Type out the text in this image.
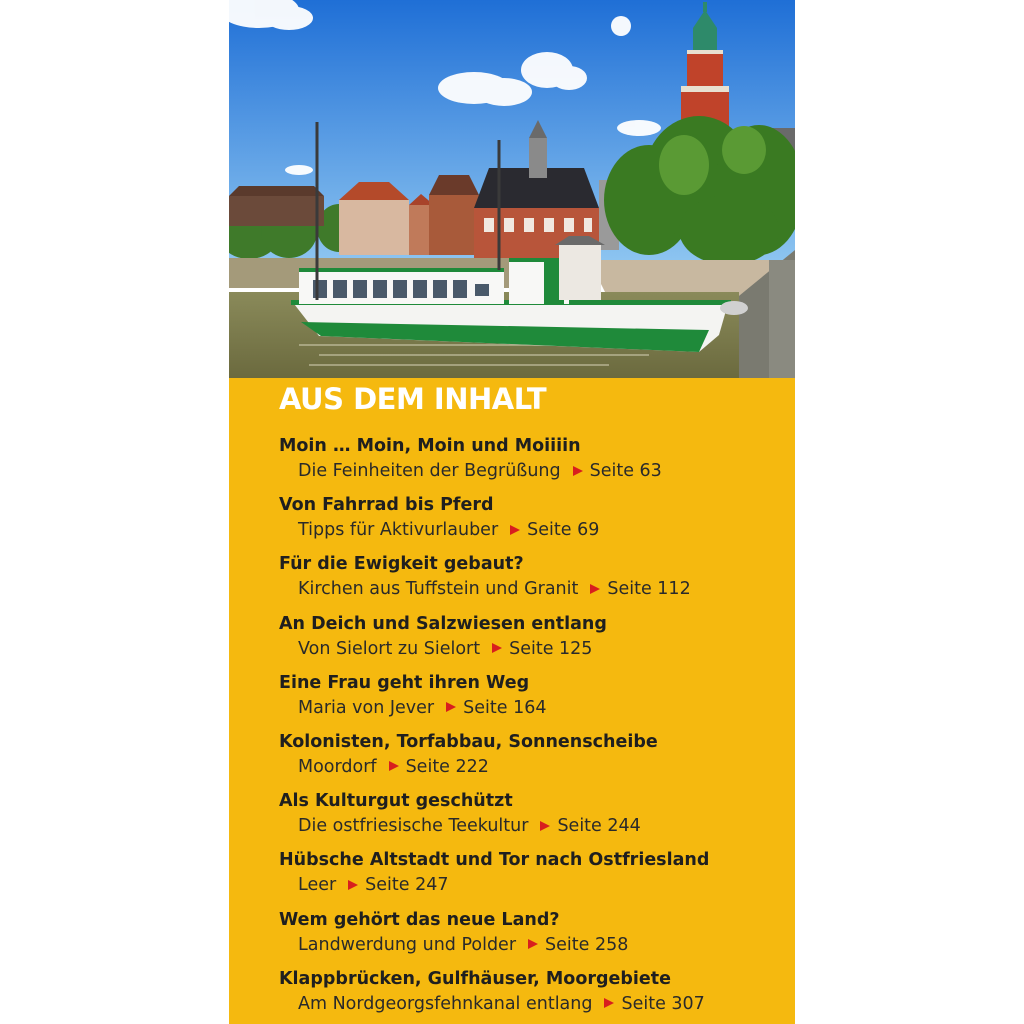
AUS DEM INHALT
Moin … Moin, Moin und Moiiiin
Die Feinheiten der Begrüßung Seite 63
Von Fahrrad bis Pferd
Tipps für Aktivurlauber Seite 69
Für die Ewigkeit gebaut?
Kirchen aus Tuffstein und Granit Seite 112
An Deich und Salzwiesen entlang
Von Sielort zu Sielort Seite 125
Eine Frau geht ihren Weg
Maria von Jever Seite 164
Kolonisten, Torfabbau, Sonnenscheibe
Moordorf Seite 222
Als Kulturgut geschützt
Die ostfriesische Teekultur Seite 244
Hübsche Altstadt und Tor nach Ostfriesland
Leer Seite 247
Wem gehört das neue Land?
Landwerdung und Polder Seite 258
Klappbrücken, Gulfhäuser, Moorgebiete
Am Nordgeorgsfehnkanal entlang Seite 307
